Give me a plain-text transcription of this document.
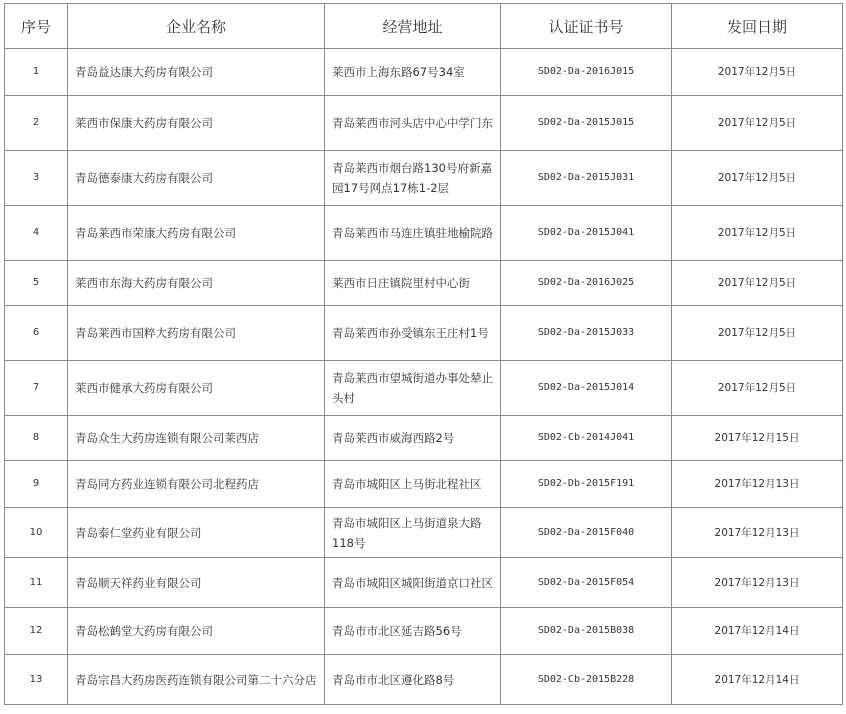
序号	企业名称	经营地址	认证证书号	发回日期
1	青岛益达康大药房有限公司	莱西市上海东路67号34室	SD02-Da-2016J015	2017年12月5日
2	莱西市保康大药房有限公司	青岛莱西市河头店中心中学门东	SD02-Da-2015J015	2017年12月5日
3	青岛德泰康大药房有限公司	青岛莱西市烟台路130号府新嘉园17号网点17栋1-2层	SD02-Da-2015J031	2017年12月5日
4	青岛莱西市荣康大药房有限公司	青岛莱西市马连庄镇驻地榆院路	SD02-Da-2015J041	2017年12月5日
5	莱西市东海大药房有限公司	莱西市日庄镇院里村中心街	SD02-Da-2016J025	2017年12月5日
6	青岛莱西市国粹大药房有限公司	青岛莱西市孙受镇东王庄村1号	SD02-Da-2015J033	2017年12月5日
7	莱西市健承大药房有限公司	青岛莱西市望城街道办事处辇止头村	SD02-Da-2015J014	2017年12月5日
8	青岛众生大药房连锁有限公司莱西店	青岛莱西市威海西路2号	SD02-Cb-2014J041	2017年12月15日
9	青岛同方药业连锁有限公司北程药店	青岛市城阳区上马街北程社区	SD02-Db-2015F191	2017年12月13日
10	青岛泰仁堂药业有限公司	青岛市城阳区上马街道泉大路118号	SD02-Da-2015F040	2017年12月13日
11	青岛顺天祥药业有限公司	青岛市城阳区城阳街道京口社区	SD02-Da-2015F054	2017年12月13日
12	青岛松鹤堂大药房有限公司	青岛市市北区延吉路56号	SD02-Da-2015B038	2017年12月14日
13	青岛宗昌大药房医药连锁有限公司第二十六分店	青岛市市北区遵化路8号	SD02-Cb-2015B228	2017年12月14日
